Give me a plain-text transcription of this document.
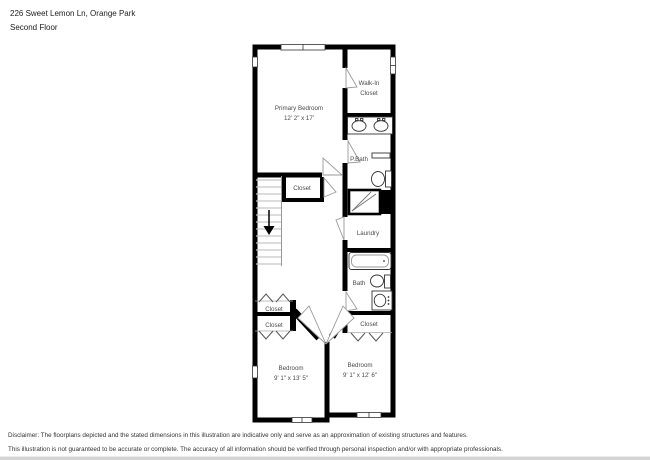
226 Sweet Lemon Ln, Orange Park
Second Floor
Primary Bedroom
12' 2" x 17'
Walk-In
Closet
P.Bath
Laundry
Bath
Closet
Closet
Closet	Closet
Bedroom
9' 1" x 13' 5"
Bedroom
9' 1" x 12' 6"
Disclaimer: The floorplans depicted and the stated dimensions in this illustration are indicative only and serve as an approximation of existing structures and features.
This illustration is not guaranteed to be accurate or complete. The accuracy of all information should be verified through personal inspection and/or with appropriate professionals.
